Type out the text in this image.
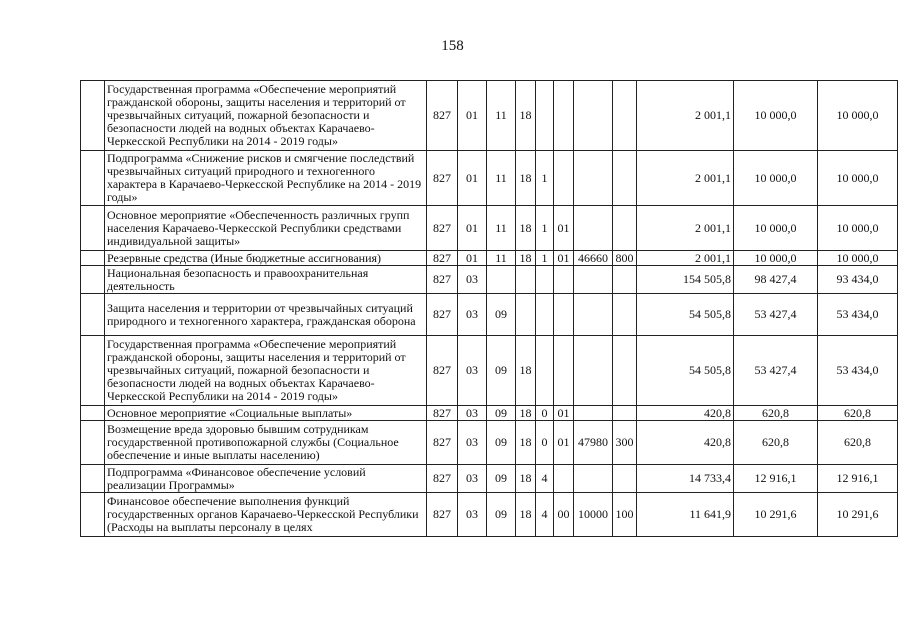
158
	Государственная программа «Обеспечение мероприятий гражданской обороны, защиты населения и территорий от чрезвычайных ситуаций, пожарной безопасности и безопасности людей на водных объектах Карачаево-Черкесской Республики на 2014 - 2019 годы»	827	01	11	18					2 001,1	10 000,0	10 000,0
	Подпрограмма «Снижение рисков и смягчение последствий чрезвычайных ситуаций природного и техногенного характера в Карачаево-Черкесской Республике на 2014 - 2019 годы»	827	01	11	18	1				2 001,1	10 000,0	10 000,0
	Основное мероприятие «Обеспеченность различных групп населения Карачаево-Черкесской Республики средствами индивидуальной защиты»	827	01	11	18	1	01			2 001,1	10 000,0	10 000,0
	Резервные средства (Иные бюджетные ассигнования)	827	01	11	18	1	01	46660	800	2 001,1	10 000,0	10 000,0
	Национальная безопасность и правоохранительная деятельность	827	03							154 505,8	98 427,4	93 434,0
	Защита населения и территории от чрезвычайных ситуаций природного и техногенного характера, гражданская оборона	827	03	09						54 505,8	53 427,4	53 434,0
	Государственная программа «Обеспечение мероприятий гражданской обороны, защиты населения и территорий от чрезвычайных ситуаций, пожарной безопасности и безопасности людей на водных объектах Карачаево-Черкесской Республики на 2014 - 2019 годы»	827	03	09	18					54 505,8	53 427,4	53 434,0
	Основное мероприятие «Социальные выплаты»	827	03	09	18	0	01			420,8	620,8	620,8
	Возмещение вреда здоровью бывшим сотрудникам государственной противопожарной службы (Социальное обеспечение и иные выплаты населению)	827	03	09	18	0	01	47980	300	420,8	620,8	620,8
	Подпрограмма «Финансовое обеспечение условий реализации Программы»	827	03	09	18	4				14 733,4	12 916,1	12 916,1
	Финансовое обеспечение выполнения функций государственных органов Карачаево-Черкесской Республики (Расходы на выплаты персоналу в целях	827	03	09	18	4	00	10000	100	11 641,9	10 291,6	10 291,6
